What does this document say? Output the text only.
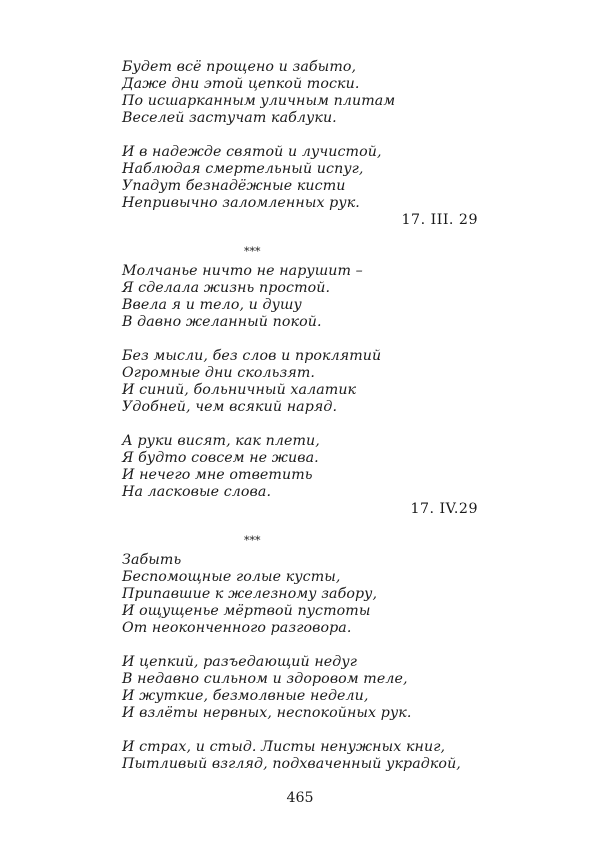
Будет всё прощено и забыто,
Даже дни этой цепкой тоски.
По исшарканным уличным плитам
Веселей застучат каблуки.
И в надежде святой и лучистой,
Наблюдая смертельный испуг,
Упадут безнадёжные кисти
Непривычно заломленных рук.
17. III. 29
***
Молчанье ничто не нарушит –
Я сделала жизнь простой.
Ввела я и тело, и душу
В давно желанный покой.
Без мысли, без слов и проклятий
Огромные дни скользят.
И синий, больничный халатик
Удобней, чем всякий наряд.
А руки висят, как плети,
Я будто совсем не жива.
И нечего мне ответить
На ласковые слова.
17. IV.29
***
Забыть
Беспомощные голые кусты,
Припавшие к железному забору,
И ощущенье мёртвой пустоты
От неоконченного разговора.
И цепкий, разъедающий недуг
В недавно сильном и здоровом теле,
И жуткие, безмолвные недели,
И взлёты нервных, неспокойных рук.
И страх, и стыд. Листы ненужных книг,
Пытливый взгляд, подхваченный украдкой,
465
